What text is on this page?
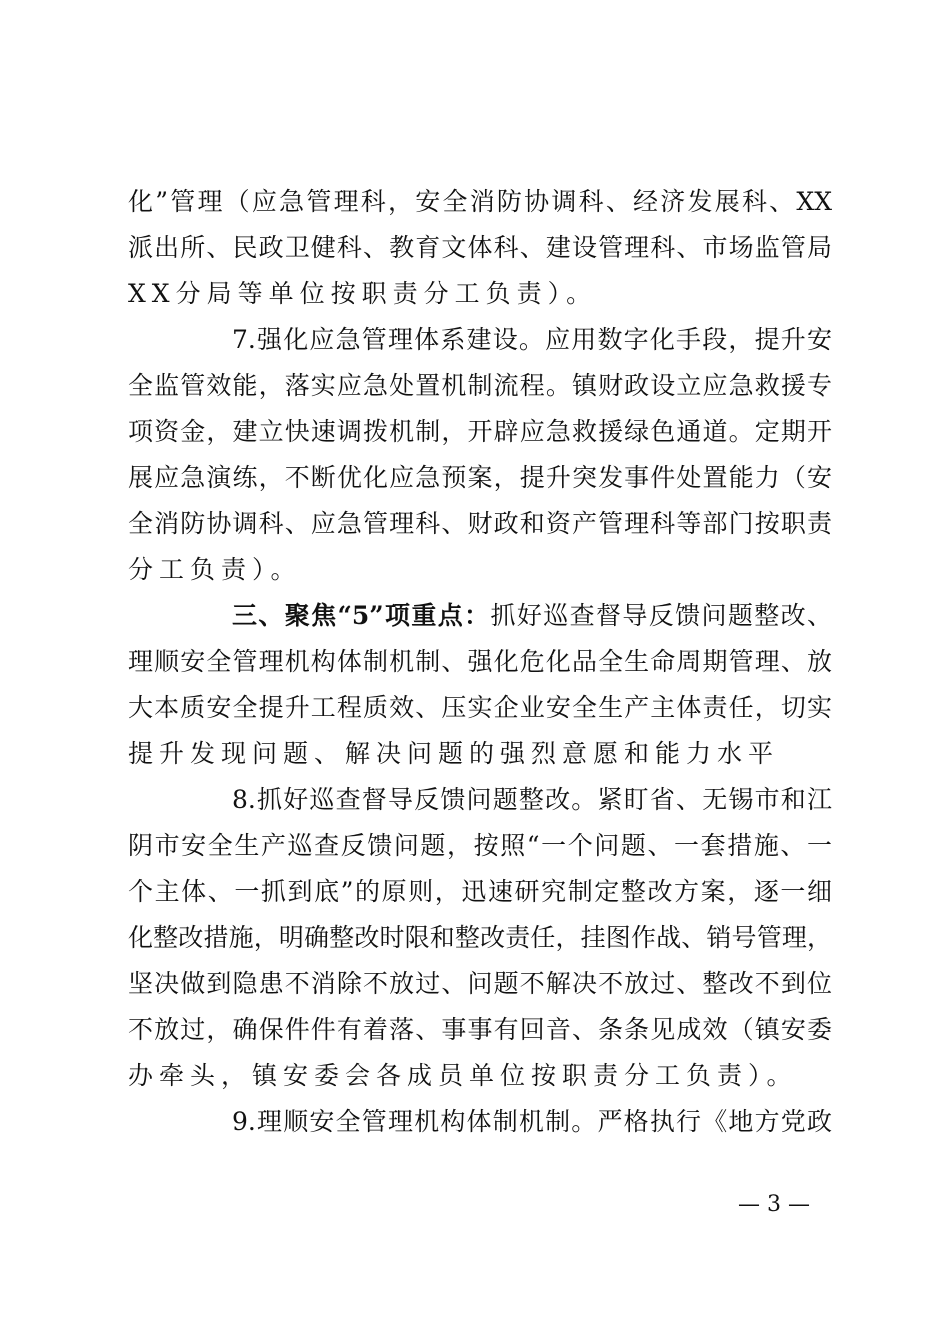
化”管理（应急管理科，安全消防协调科、经济发展科、XX
派出所、民政卫健科、教育文体科、建设管理科、市场监管局
XX分局等单位按职责分工负责）。
7.强化应急管理体系建设。应用数字化手段，提升安
全监管效能，落实应急处置机制流程。镇财政设立应急救援专
项资金，建立快速调拨机制，开辟应急救援绿色通道。定期开
展应急演练，不断优化应急预案，提升突发事件处置能力（安
全消防协调科、应急管理科、财政和资产管理科等部门按职责
分工负责）。
三、聚焦“5”项重点：抓好巡查督导反馈问题整改、
理顺安全管理机构体制机制、强化危化品全生命周期管理、放
大本质安全提升工程质效、压实企业安全生产主体责任，切实
提升发现问题、解决问题的强烈意愿和能力水平
8.抓好巡查督导反馈问题整改。紧盯省、无锡市和江
阴市安全生产巡查反馈问题，按照“一个问题、一套措施、一
个主体、一抓到底”的原则，迅速研究制定整改方案，逐一细
化整改措施，明确整改时限和整改责任，挂图作战、销号管理，
坚决做到隐患不消除不放过、问题不解决不放过、整改不到位
不放过，确保件件有着落、事事有回音、条条见成效（镇安委
办牵头，镇安委会各成员单位按职责分工负责）。
9.理顺安全管理机构体制机制。严格执行《地方党政
— 3 —
